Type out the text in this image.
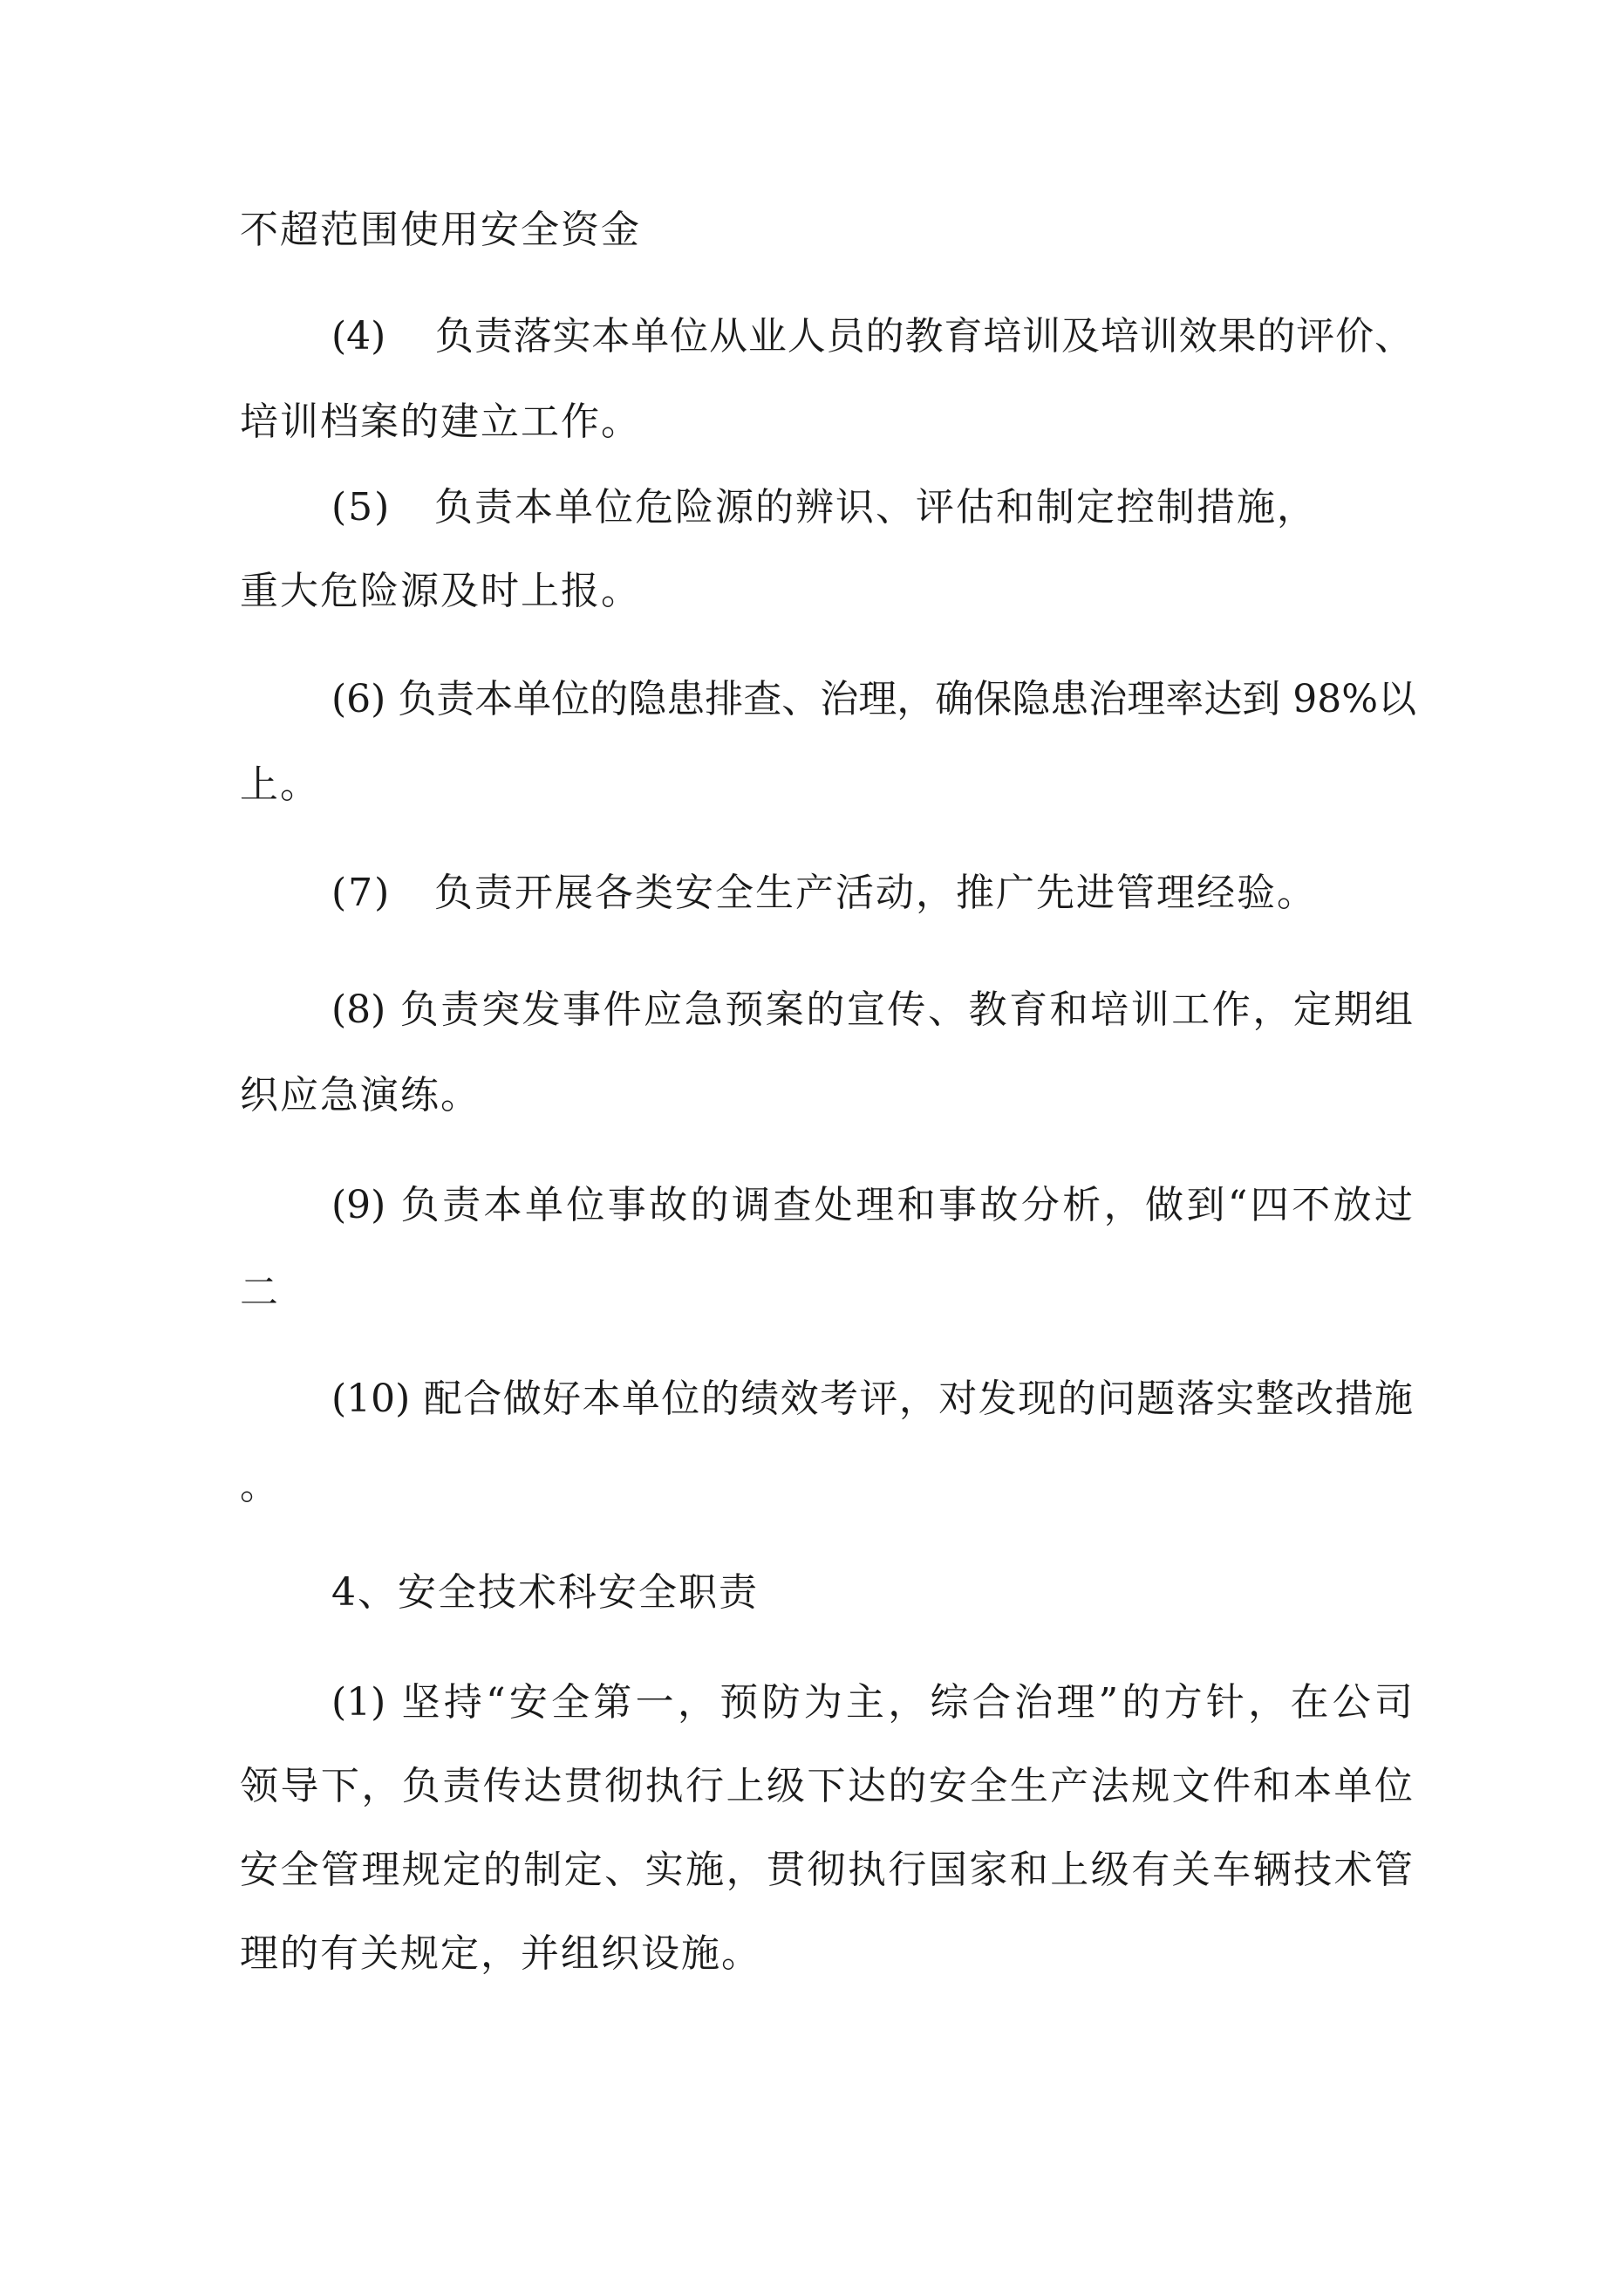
不超范围使用安全资金
(4) 负责落实本单位从业人员的教育培训及培训效果的评价、
培训档案的建立工作。
(5) 负责本单位危险源的辨识、评估和制定控制措施，
重大危险源及时上报。
(6) 负责本单位的隐患排查、治理，确保隐患治理率达到 98%以
上。
(7) 负责开展各类安全生产活动，推广先进管理经验。
(8) 负责突发事件应急预案的宣传、教育和培训工作，定期组
织应急演练。
(9) 负责本单位事故的调查处理和事故分析，做到“四不放过
二
(10) 配合做好本单位的绩效考评，对发现的问题落实整改措施
。
4、安全技术科安全职责
(1) 坚持“安全第一，预防为主，综合治理”的方针，在公司
领导下，负责传达贯彻执行上级下达的安全生产法规文件和本单位
安全管理规定的制定、实施，贯彻执行国家和上级有关车辆技术管
理的有关规定，并组织设施。
